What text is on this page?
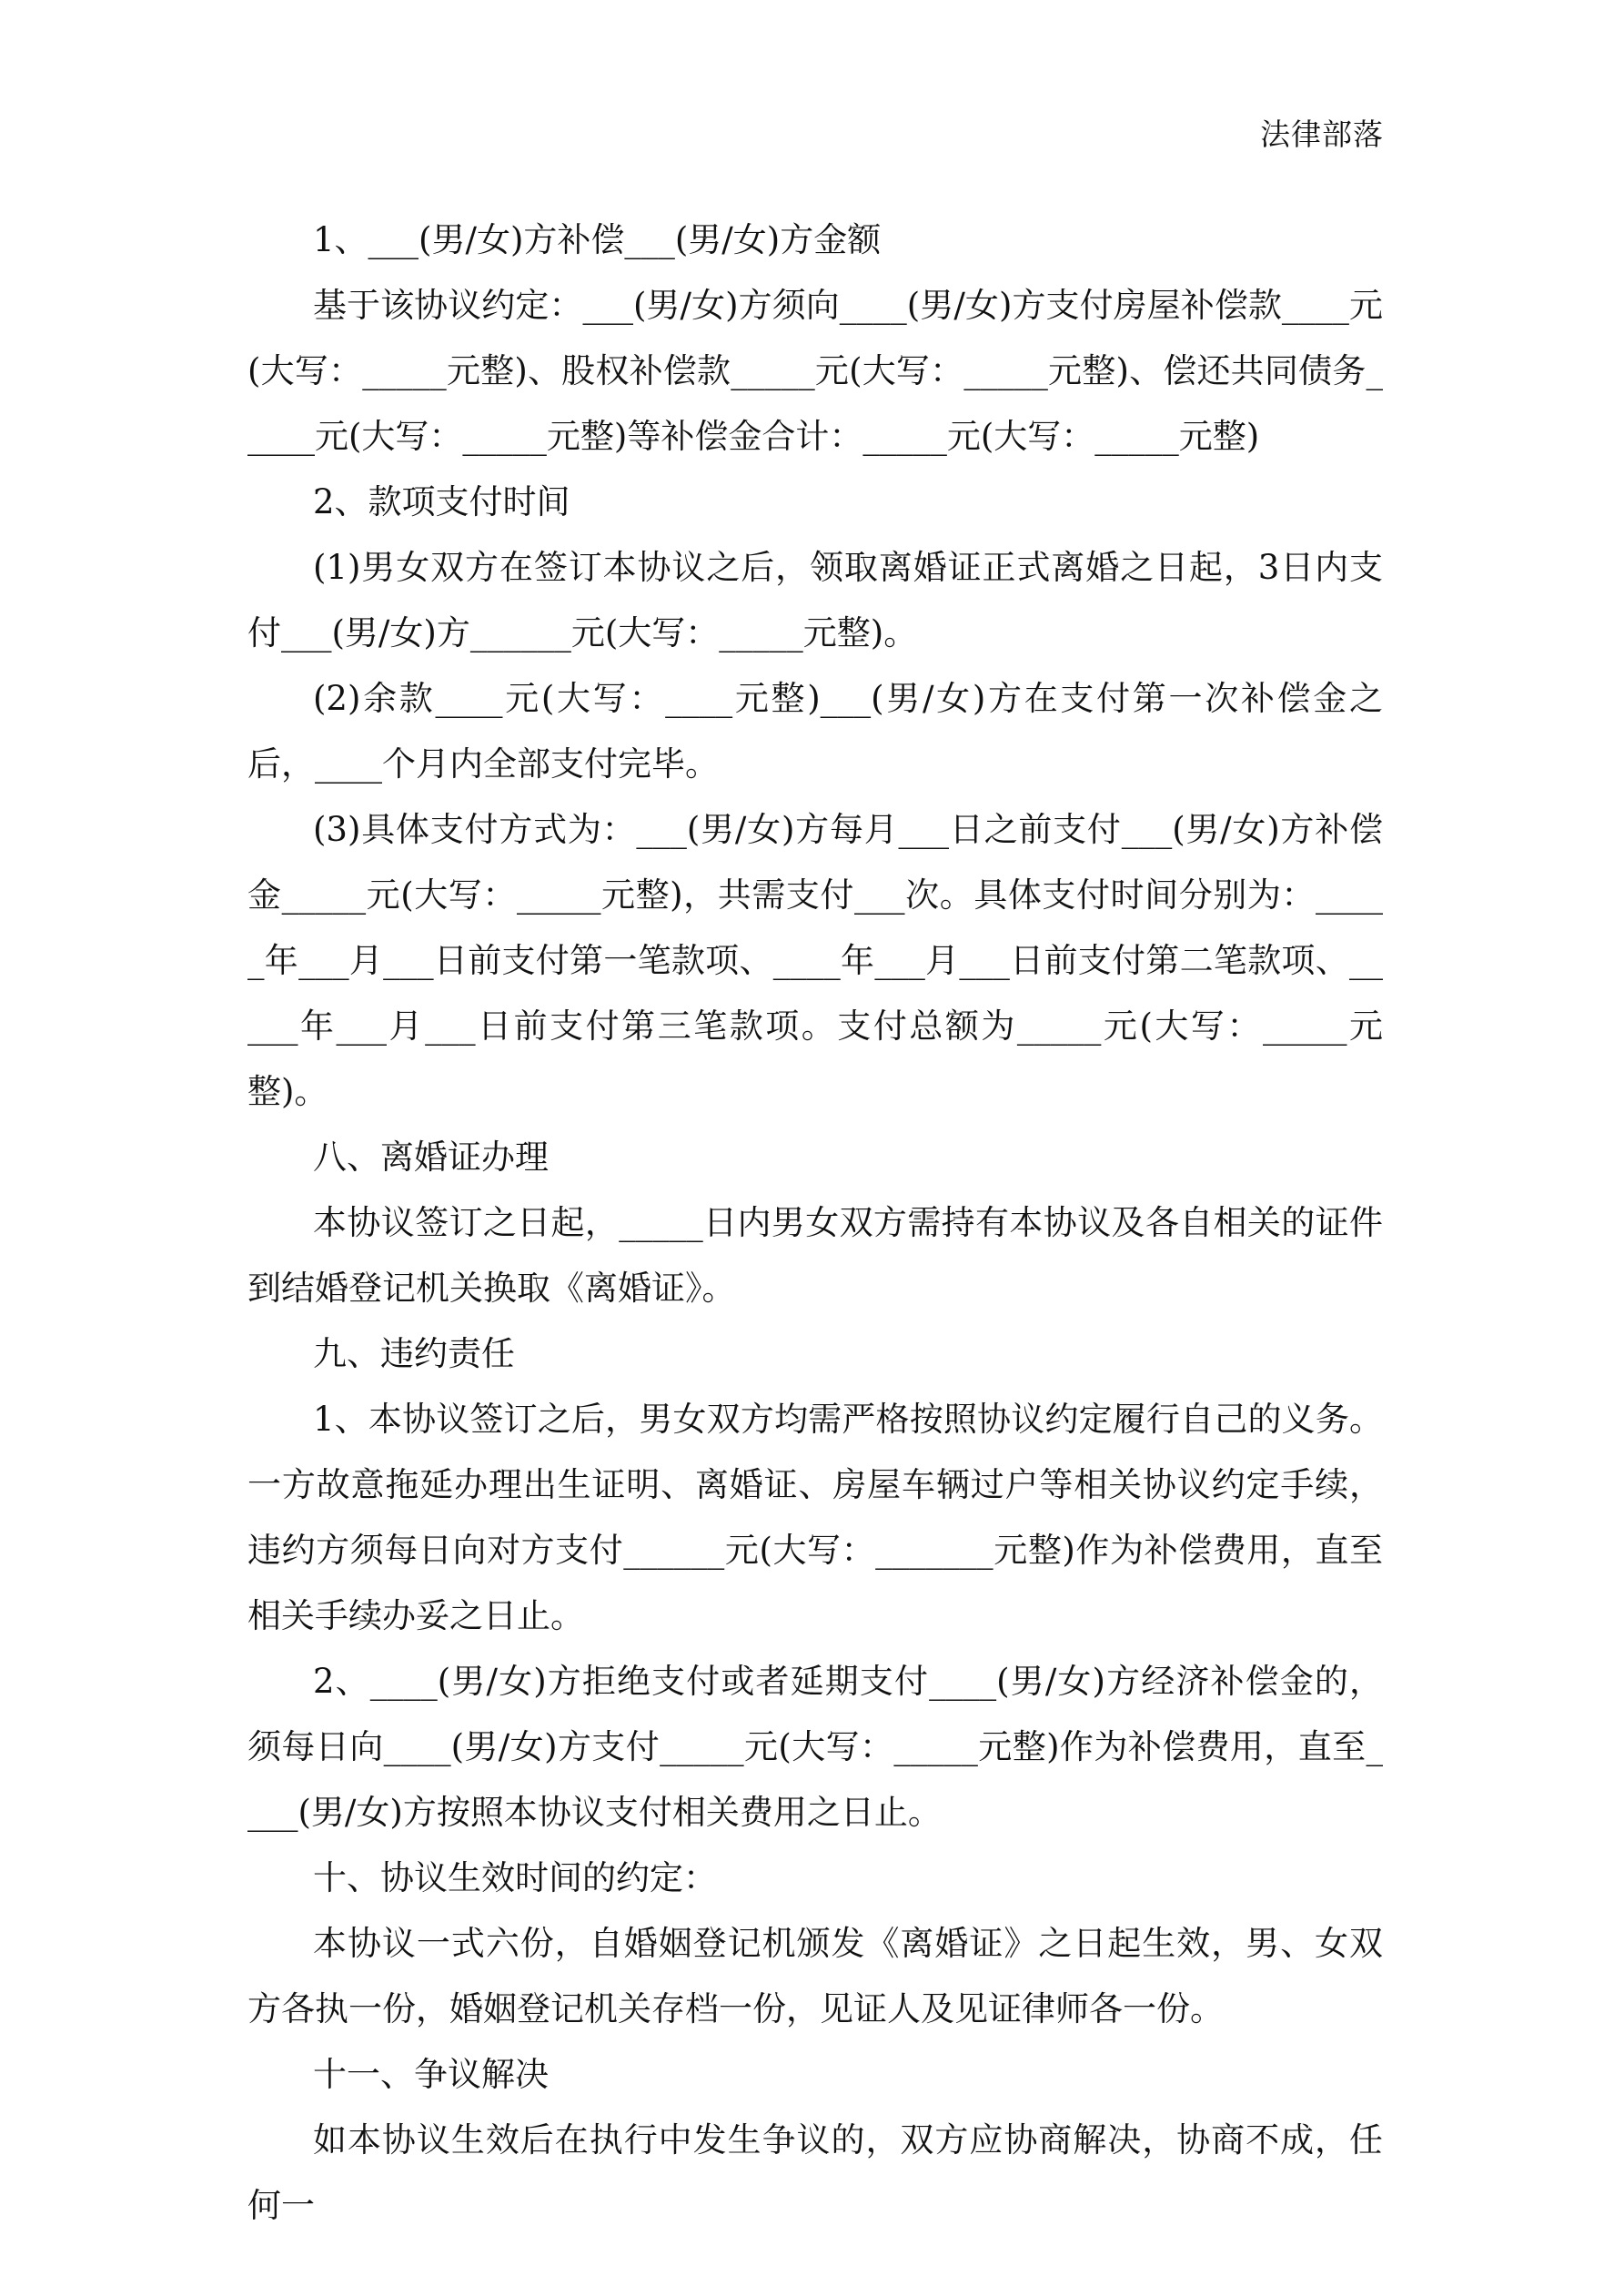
法律部落

1、___(男/女)方补偿___(男/女)方金额

基于该协议约定：___(男/女)方须向____(男/女)方支付房屋补偿款____元(大写：_____元整)、股权补偿款_____元(大写：_____元整)、偿还共同债务_____元(大写：_____元整)等补偿金合计：_____元(大写：_____元整)

2、款项支付时间

(1)男女双方在签订本协议之后，领取离婚证正式离婚之日起，3日内支付___(男/女)方______元(大写：_____元整)。

(2)余款____元(大写：____元整)___(男/女)方在支付第一次补偿金之后，____个月内全部支付完毕。

(3)具体支付方式为：___(男/女)方每月___日之前支付___(男/女)方补偿金_____元(大写：_____元整)，共需支付___次。具体支付时间分别为：_____年___月___日前支付第一笔款项、____年___月___日前支付第二笔款项、_____年___月___日前支付第三笔款项。支付总额为_____元(大写：_____元整)。

八、离婚证办理

本协议签订之日起，_____日内男女双方需持有本协议及各自相关的证件到结婚登记机关换取《离婚证》。

九、违约责任

1、本协议签订之后，男女双方均需严格按照协议约定履行自己的义务。一方故意拖延办理出生证明、离婚证、房屋车辆过户等相关协议约定手续，违约方须每日向对方支付______元(大写：_______元整)作为补偿费用，直至相关手续办妥之日止。

2、____(男/女)方拒绝支付或者延期支付____(男/女)方经济补偿金的，须每日向____(男/女)方支付_____元(大写：_____元整)作为补偿费用，直至____(男/女)方按照本协议支付相关费用之日止。

十、协议生效时间的约定：

本协议一式六份，自婚姻登记机颁发《离婚证》之日起生效，男、女双方各执一份，婚姻登记机关存档一份，见证人及见证律师各一份。

十一、争议解决

如本协议生效后在执行中发生争议的，双方应协商解决，协商不成，任何一
